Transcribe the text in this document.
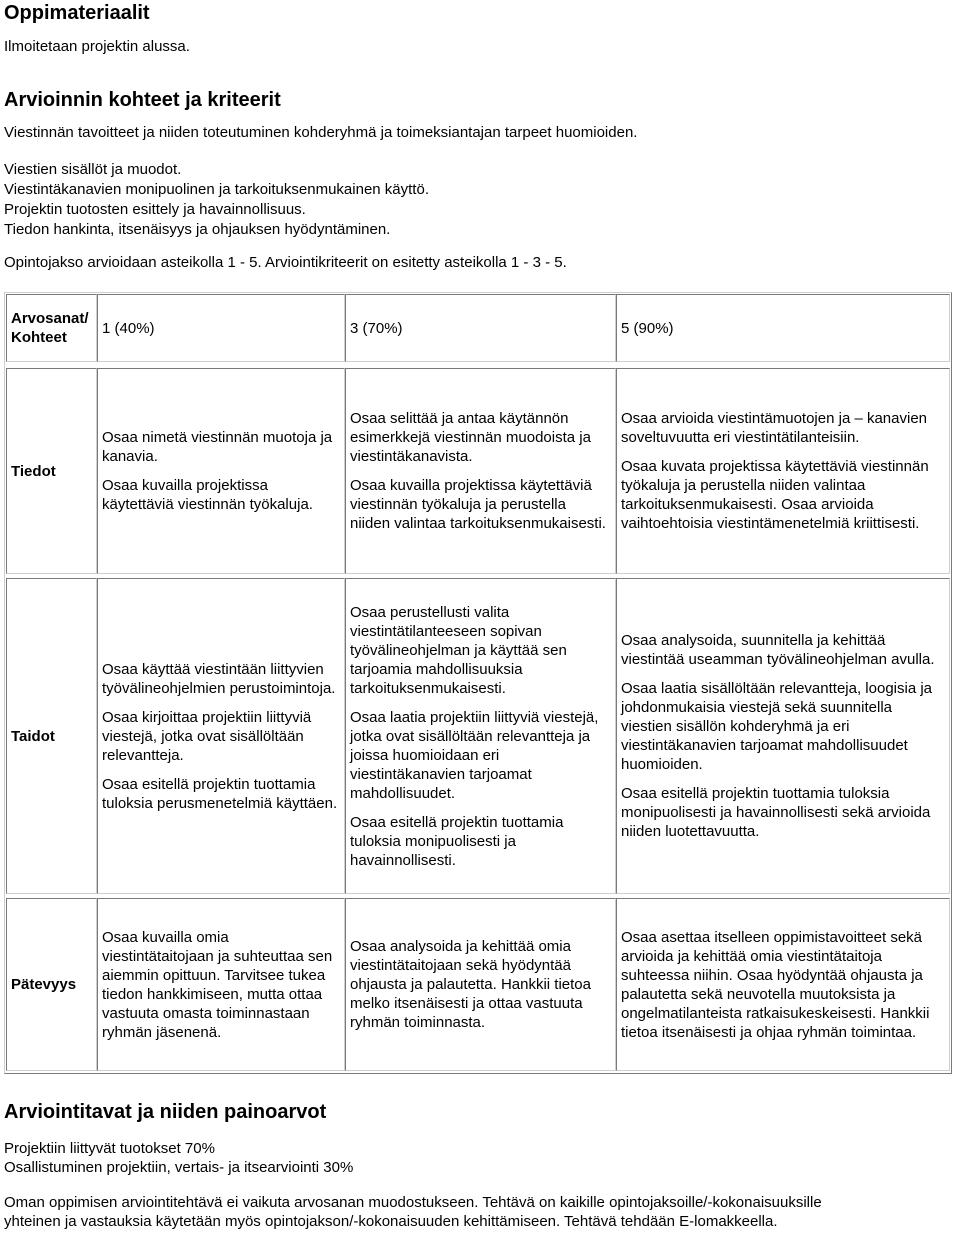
Oppimateriaalit
Ilmoitetaan projektin alussa.
Arvioinnin kohteet ja kriteerit
Viestinnän tavoitteet ja niiden toteutuminen kohderyhmä ja toimeksiantajan tarpeet huomioiden.
Viestien sisällöt ja muodot.
Viestintäkanavien monipuolinen ja tarkoituksenmukainen käyttö.
Projektin tuotosten esittely ja havainnollisuus.
Tiedon hankinta, itsenäisyys ja ohjauksen hyödyntäminen.
Opintojakso arvioidaan asteikolla 1 - 5. Arviointikriteerit on esitetty asteikolla 1 - 3 - 5.
Arvosanat/
Kohteet
1 (40%)	3 (70%)	5 (90%)
Tiedot

Osaa nimetä viestinnän muotoja ja kanavia.

Osaa kuvailla projektissa käytettäviä viestinnän työkaluja.

Osaa selittää ja antaa käytännön esimerkkejä viestinnän muodoista ja viestintäkanavista.

Osaa kuvailla projektissa käytettäviä viestinnän työkaluja ja perustella niiden valintaa tarkoituksenmukaisesti.

Osaa arvioida viestintämuotojen ja – kanavien soveltuvuutta eri viestintätilanteisiin.

Osaa kuvata projektissa käytettäviä viestinnän työkaluja ja perustella niiden valintaa tarkoituksenmukaisesti. Osaa arvioida vaihtoehtoisia viestintämenetelmiä kriittisesti.

Taidot

Osaa käyttää viestintään liittyvien työvälineohjelmien perustoimintoja.

Osaa kirjoittaa projektiin liittyviä viestejä, jotka ovat sisällöltään relevantteja.

Osaa esitellä projektin tuottamia tuloksia perusmenetelmiä käyttäen.

Osaa perustellusti valita viestintätilanteeseen sopivan työvälineohjelman ja käyttää sen tarjoamia mahdollisuuksia tarkoituksenmukaisesti.

Osaa laatia projektiin liittyviä viestejä, jotka ovat sisällöltään relevantteja ja joissa huomioidaan eri viestintäkanavien tarjoamat mahdollisuudet.

Osaa esitellä projektin tuottamia tuloksia monipuolisesti ja havainnollisesti.

Osaa analysoida, suunnitella ja kehittää viestintää useamman työvälineohjelman avulla.

Osaa laatia sisällöltään relevantteja, loogisia ja johdonmukaisia viestejä sekä suunnitella viestien sisällön kohderyhmä ja eri viestintäkanavien tarjoamat mahdollisuudet huomioiden.

Osaa esitellä projektin tuottamia tuloksia monipuolisesti ja havainnollisesti sekä arvioida niiden luotettavuutta.

Pätevyys

Osaa kuvailla omia viestintätaitojaan ja suhteuttaa sen aiemmin opittuun. Tarvitsee tukea tiedon hankkimiseen, mutta ottaa vastuuta omasta toiminnastaan ryhmän jäsenenä.

Osaa analysoida ja kehittää omia viestintätaitojaan sekä hyödyntää ohjausta ja palautetta. Hankkii tietoa melko itsenäisesti ja ottaa vastuuta ryhmän toiminnasta.

Osaa asettaa itselleen oppimistavoitteet sekä arvioida ja kehittää omia viestintätaitoja suhteessa niihin. Osaa hyödyntää ohjausta ja palautetta sekä neuvotella muutoksista ja ongelmatilanteista ratkaisukeskeisesti. Hankkii tietoa itsenäisesti ja ohjaa ryhmän toimintaa.

Arviointitavat ja niiden painoarvot
Projektiin liittyvät tuotokset 70%
Osallistuminen projektiin, vertais- ja itsearviointi 30%
Oman oppimisen arviointitehtävä ei vaikuta arvosanan muodostukseen. Tehtävä on kaikille opintojaksoille/-kokonaisuuksille
yhteinen ja vastauksia käytetään myös opintojakson/-kokonaisuuden kehittämiseen. Tehtävä tehdään E-lomakkeella.
